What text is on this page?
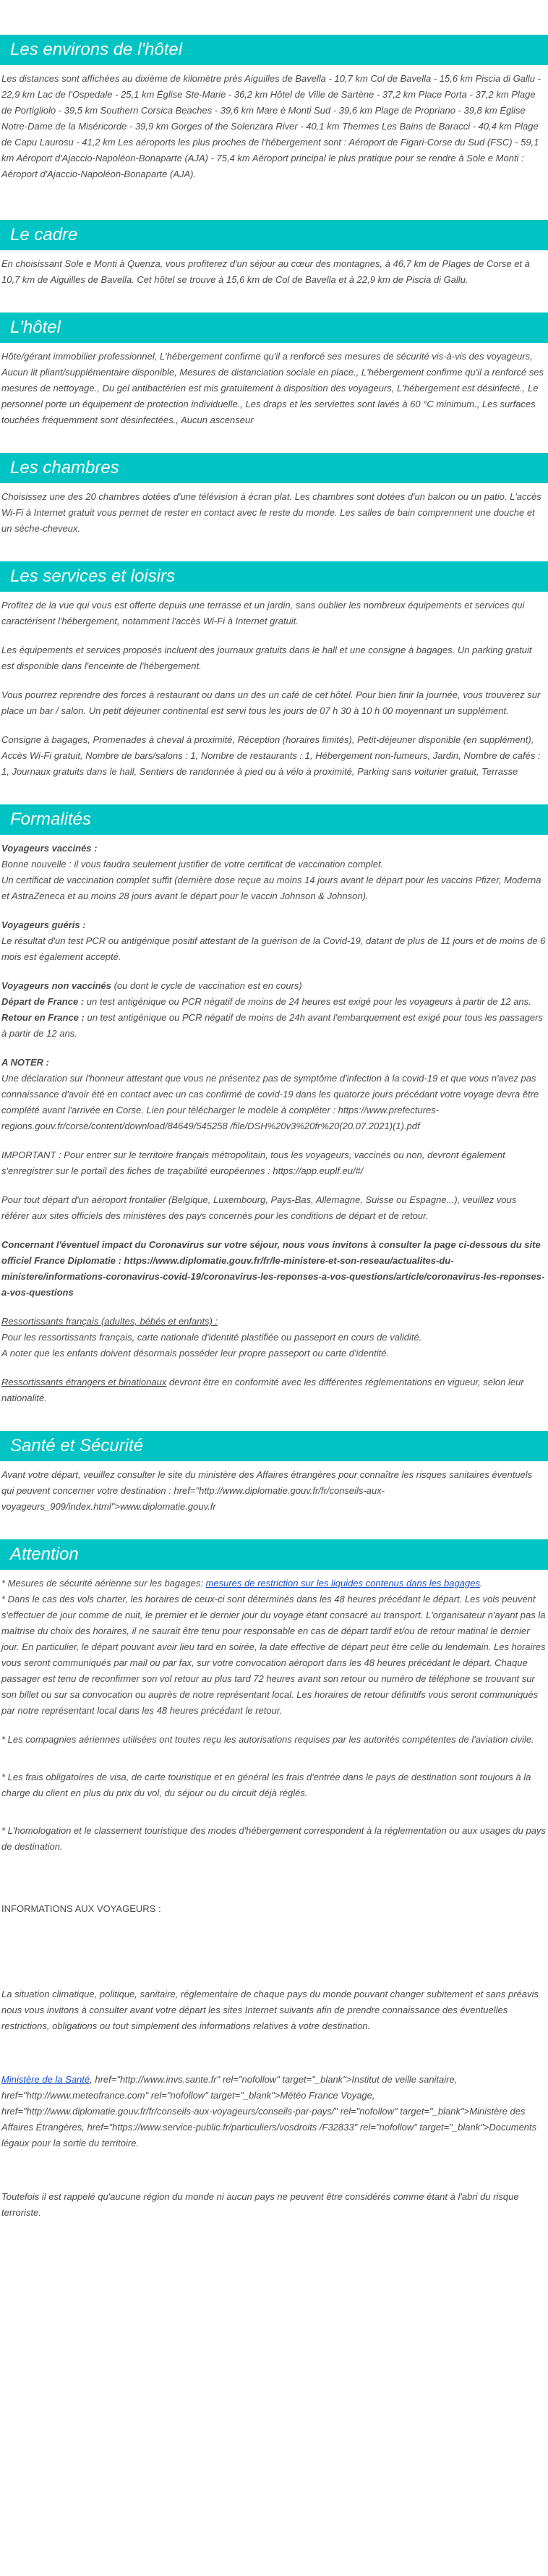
Les environs de l'hôtel

Les distances sont affichées au dixième de kilomètre près Aiguilles de Bavella - 10,7 km Col de Bavella - 15,6 km Piscia di Gallu - 22,9 km Lac de l'Ospedale - 25,1 km Église Ste-Marie - 36,2 km Hôtel de Ville de Sartène - 37,2 km Place Porta - 37,2 km Plage de Portigliolo - 39,5 km Southern Corsica Beaches - 39,6 km Mare è Monti Sud - 39,6 km Plage de Propriano - 39,8 km Église Notre-Dame de la Miséricorde - 39,9 km Gorges of the Solenzara River - 40,1 km Thermes Les Bains de Baracci - 40,4 km Plage de Capu Laurosu - 41,2 km Les aéroports les plus proches de l'hébergement sont : Aéroport de Figari-Corse du Sud (FSC) - 59,1 km Aéroport d'Ajaccio-Napoléon-Bonaparte (AJA) - 75,4 km Aéroport principal le plus pratique pour se rendre à Sole e Monti : Aéroport d'Ajaccio-Napoléon-Bonaparte (AJA).

Le cadre

En choisissant Sole e Monti à Quenza, vous profiterez d'un séjour au cœur des montagnes, à 46,7 km de Plages de Corse et à 10,7 km de Aiguilles de Bavella. Cet hôtel se trouve à 15,6 km de Col de Bavella et à 22,9 km de Piscia di Gallu.

L'hôtel

Hôte/gérant immobilier professionnel, L'hébergement confirme qu'il a renforcé ses mesures de sécurité vis-à-vis des voyageurs, Aucun lit pliant/supplémentaire disponible, Mesures de distanciation sociale en place., L'hébergement confirme qu'il a renforcé ses mesures de nettoyage., Du gel antibactérien est mis gratuitement à disposition des voyageurs, L'hébergement est désinfecté., Le personnel porte un équipement de protection individuelle., Les draps et les serviettes sont lavés à 60 °C minimum., Les surfaces touchées fréquemment sont désinfectées., Aucun ascenseur

Les chambres

Choisissez une des 20 chambres dotées d'une télévision à écran plat. Les chambres sont dotées d'un balcon ou un patio. L'accès Wi-Fi à Internet gratuit vous permet de rester en contact avec le reste du monde. Les salles de bain comprennent une douche et un sèche-cheveux.

Les services et loisirs

Profitez de la vue qui vous est offerte depuis une terrasse et un jardin, sans oublier les nombreux équipements et services qui caractérisent l'hébergement, notamment l'accès Wi-Fi à Internet gratuit.

Les équipements et services proposés incluent des journaux gratuits dans le hall et une consigne à bagages. Un parking gratuit est disponible dans l'enceinte de l'hébergement.

Vous pourrez reprendre des forces à restaurant ou dans un des un café de cet hôtel. Pour bien finir la journée, vous trouverez sur place un bar / salon. Un petit déjeuner continental est servi tous les jours de 07 h 30 à 10 h 00 moyennant un supplément.

Consigne à bagages, Promenades à cheval à proximité, Réception (horaires limités), Petit-déjeuner disponible (en supplément), Accès Wi-Fi gratuit, Nombre de bars/salons : 1, Nombre de restaurants : 1, Hébergement non-fumeurs, Jardin, Nombre de cafés : 1, Journaux gratuits dans le hall, Sentiers de randonnée à pied ou à vélo à proximité, Parking sans voiturier gratuit, Terrasse

Formalités

Voyageurs vaccinés :
Bonne nouvelle : il vous faudra seulement justifier de votre certificat de vaccination complet.
Un certificat de vaccination complet suffit (dernière dose reçue au moins 14 jours avant le départ pour les vaccins Pfizer, Moderna et AstraZeneca et au moins 28 jours avant le départ pour le vaccin Johnson & Johnson).

Voyageurs guéris :
Le résultat d'un test PCR ou antigénique positif attestant de la guérison de la Covid-19, datant de plus de 11 jours et de moins de 6 mois est également accepté.

Voyageurs non vaccinés (ou dont le cycle de vaccination est en cours)
Départ de France : un test antigénique ou PCR négatif de moins de 24 heures est exigé pour les voyageurs à partir de 12 ans.
Retour en France : un test antigénique ou PCR négatif de moins de 24h avant l'embarquement est exigé pour tous les passagers à partir de 12 ans.

A NOTER :
Une déclaration sur l'honneur attestant que vous ne présentez pas de symptôme d'infection à la covid-19 et que vous n'avez pas connaissance d'avoir été en contact avec un cas confirmé de covid-19 dans les quatorze jours précédant votre voyage devra être complété avant l'arrivée en Corse. Lien pour télécharger le modèle à compléter : https://www.prefectures-regions.gouv.fr/corse/content/download/84649/545258 /file/DSH%20v3%20fr%20(20.07.2021)(1).pdf

IMPORTANT : Pour entrer sur le territoire français métropolitain, tous les voyageurs, vaccinés ou non, devront également s'enregistrer sur le portail des fiches de traçabilité européennes : https://app.euplf.eu/#/

Pour tout départ d'un aéroport frontalier (Belgique, Luxembourg, Pays-Bas, Allemagne, Suisse ou Espagne...), veuillez vous référer aux sites officiels des ministères des pays concernés pour les conditions de départ et de retour.

Concernant l'éventuel impact du Coronavirus sur votre séjour, nous vous invitons à consulter la page ci-dessous du site officiel France Diplomatie : https://www.diplomatie.gouv.fr/fr/le-ministere-et-son-reseau/actualites-du-ministere/informations-coronavirus-covid-19/coronavirus-les-reponses-a-vos-questions/article/coronavirus-les-reponses-a-vos-questions

Ressortissants français (adultes, bébés et enfants) :
Pour les ressortissants français, carte nationale d'identité plastifiée ou passeport en cours de validité.
A noter que les enfants doivent désormais posséder leur propre passeport ou carte d'identité.

Ressortissants étrangers et binationaux devront être en conformité avec les différentes réglementations en vigueur, selon leur nationalité.

Santé et Sécurité

Avant votre départ, veuillez consulter le site du ministère des Affaires étrangères pour connaître les risques sanitaires éventuels qui peuvent concerner votre destination : href="http://www.diplomatie.gouv.fr/fr/conseils-aux-voyageurs_909/index.html">www.diplomatie.gouv.fr

Attention

* Mesures de sécurité aérienne sur les bagages: mesures de restriction sur les liquides contenus dans les bagages.

* Dans le cas des vols charter, les horaires de ceux-ci sont déterminés dans les 48 heures précédant le départ. Les vols peuvent s'effectuer de jour comme de nuit, le premier et le dernier jour du voyage étant consacré au transport. L'organisateur n'ayant pas la maîtrise du choix des horaires, il ne saurait être tenu pour responsable en cas de départ tardif et/ou de retour matinal le dernier jour. En particulier, le départ pouvant avoir lieu tard en soirée, la date effective de départ peut être celle du lendemain. Les horaires vous seront communiqués par mail ou par fax, sur votre convocation aéroport dans les 48 heures précédant le départ. Chaque passager est tenu de reconfirmer son vol retour au plus tard 72 heures avant son retour ou numéro de téléphone se trouvant sur son billet ou sur sa convocation ou auprès de notre représentant local. Les horaires de retour définitifs vous seront communiqués par notre représentant local dans les 48 heures précédant le retour.

* Les compagnies aériennes utilisées ont toutes reçu les autorisations requises par les autorités compétentes de l'aviation civile.

* Les frais obligatoires de visa, de carte touristique et en général les frais d'entrée dans le pays de destination sont toujours à la charge du client en plus du prix du vol, du séjour ou du circuit déjà réglés.

* L'homologation et le classement touristique des modes d'hébergement correspondent à la réglementation ou aux usages du pays de destination.

INFORMATIONS AUX VOYAGEURS :

La situation climatique, politique, sanitaire, réglementaire de chaque pays du monde pouvant changer subitement et sans préavis
nous vous invitons à consulter avant votre départ les sites Internet suivants afin de prendre connaissance des éventuelles restrictions, obligations ou tout simplement des informations relatives à votre destination.

Ministère de la Santé, href="http://www.invs.sante.fr" rel="nofollow" target="_blank">Institut de veille sanitaire, href="http://www.meteofrance.com" rel="nofollow" target="_blank">Météo France Voyage, href="http://www.diplomatie.gouv.fr/fr/conseils-aux-voyageurs/conseils-par-pays/" rel="nofollow" target="_blank">Ministère des Affaires Étrangères, href="https://www.service-public.fr/particuliers/vosdroits /F32833" rel="nofollow" target="_blank">Documents légaux pour la sortie du territoire.

Toutefois il est rappelé qu'aucune région du monde ni aucun pays ne peuvent être considérés comme étant à l'abri du risque terroriste.
